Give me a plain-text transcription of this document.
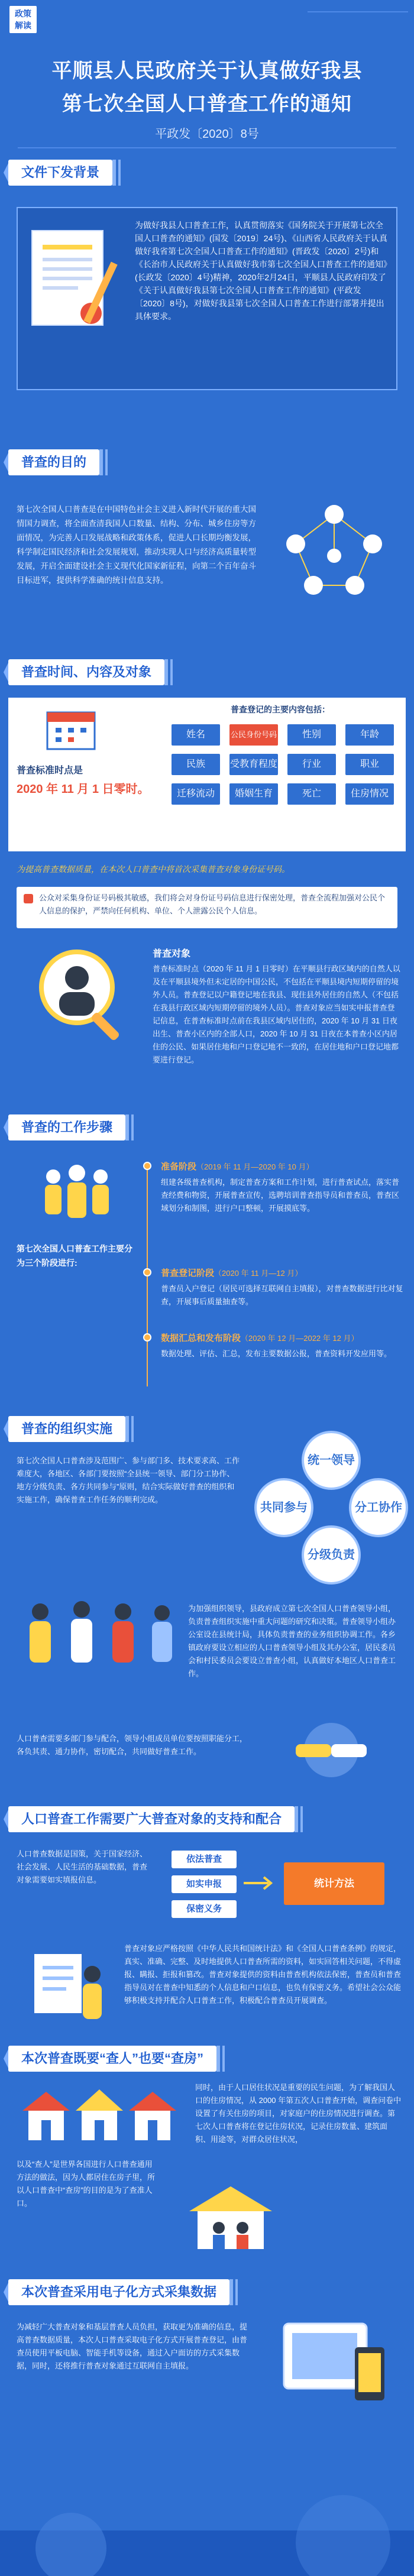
政策
解读
平顺县人民政府关于认真做好我县
第七次全国人口普查工作的通知
平政发〔2020〕8号
文件下发背景
为做好我县人口普查工作，认真贯彻落实《国务院关于开展第七次全国人口普查的通知》(国发〔2019〕24号)、《山西省人民政府关于认真做好我省第七次全国人口普查工作的通知》(晋政发〔2020〕2号)和《长治市人民政府关于认真做好我市第七次全国人口普查工作的通知》(长政发〔2020〕4号)精神，2020年2月24日，平顺县人民政府印发了《关于认真做好我县第七次全国人口普查工作的通知》(平政发〔2020〕8号)，对做好我县第七次全国人口普查工作进行部署并提出具体要求。
普查的目的
第七次全国人口普查是在中国特色社会主义进入新时代开展的重大国情国力调查，将全面查清我国人口数量、结构、分布、城乡住房等方面情况，为完善人口发展战略和政策体系，促进人口长期均衡发展，科学制定国民经济和社会发展规划，推动实现人口与经济高质量转型发展，开启全面建设社会主义现代化国家新征程，向第二个百年奋斗目标进军，提供科学准确的统计信息支持。
普查时间、内容及对象
普查标准时点是
2020 年 11 月 1 日零时。
普查登记的主要内容包括：
姓名	公民身份号码	性别	年龄
民族	受教育程度	行业	职业
迁移流动	婚姻生育	死亡	住房情况
为提高普查数据质量，在本次人口普查中将首次采集普查对象身份证号码。
公众对采集身份证号码极其敏感，我们将会对身份证号码信息进行保密处理，普查全流程加强对公民个人信息的保护，严禁向任何机构、单位、个人泄露公民个人信息。
普查对象
普查标准时点（2020 年 11 月 1 日零时）在平顺县行政区域内的自然人以及在平顺县境外但未定居的中国公民，不包括在平顺县境内短期停留的境外人员。普查登记以户籍登记地在我县、现住县外居住的自然人（不包括在我县行政区域内短期停留的境外人员）。普查对象应当如实申报普查登记信息，在普查标准时点前在我县区域内居住的，2020 年 10 月 31 日夜出生、普查小区内的全部人口，2020 年 10 月 31 日夜在本普查小区内居住的公民、如果居住地和户口登记地不一致的，在居住地和户口登记地都要进行登记。
普查的工作步骤
第七次全国人口普查工作主要分为三个阶段进行:
准备阶段（2019 年 11 月—2020 年 10 月）
组建各级普查机构，制定普查方案和工作计划，进行普查试点，落实普查经费和物资，开展普查宣传，选聘培训普查指导员和普查员，普查区域划分和制图，进行户口整顿，开展摸底等。
普查登记阶段（2020 年 11 月—12 月）
普查员入户登记（居民可选择互联网自主填报），对普查数据进行比对复查，开展事后质量抽查等。
数据汇总和发布阶段（2020 年 12 月—2022 年 12 月）
数据处理、评估、汇总，发布主要数据公报，普查资料开发应用等。
普查的组织实施
第七次全国人口普查涉及范围广、参与部门多、技术要求高、工作难度大，各地区、各部门要按照“全县统一领导、部门分工协作、地方分级负责、各方共同参与”原则，结合实际做好普查的组织和实施工作，确保普查工作任务的顺利完成。
统一领导
分工协作
分级负责
共同参与
为加强组织领导，县政府成立第七次全国人口普查领导小组，负责普查组织实施中重大问题的研究和决策。普查领导小组办公室设在县统计局，具体负责普查的业务组织协调工作。各乡镇政府要设立相应的人口普查领导小组及其办公室，居民委员会和村民委员会要设立普查小组，认真做好本地区人口普查工作。
人口普查需要多部门参与配合，领导小组成员单位要按照职能分工，各负其责、通力协作，密切配合，共同做好普查工作。
人口普查工作需要广大普查对象的支持和配合
人口普查数据是国策，关于国家经济、社会发展、人民生活的基础数据，普查对象需要如实填报信息。
依法普查
如实申报
保密义务
统计方法
普查对象应严格按照《中华人民共和国统计法》和《全国人口普查条例》的规定，真实、准确、完整、及时地提供人口普查所需的资料，如实回答相关问题，不得虚报、瞒报、拒报和篡改。普查对象提供的资料由普查机构依法保密，普查员和普查指导员对在普查中知悉的个人信息和户口信息，也负有保密义务。希望社会公众能够积极支持并配合人口普查工作，积极配合普查员开展调查。
本次普查既要“查人”也要“查房”
同时，由于人口居住状况是重要的民生问题，为了解我国人口的住房情况，从 2000 年第五次人口普查开始，调查问卷中设置了有关住房的项目，对家庭户的住房情况进行调查。第七次人口普查将在登记住房状况，记录住房数量、建筑面积、用途等，对群众居住状况，
以及“查人”是世界各国进行人口普查通用方法的做法，因为人都居住在房子里，所以人口普查中“查房”的目的是为了查准人口。
本次普查采用电子化方式采集数据
为减轻广大普查对象和基层普查人员负担，获取更为准确的信息，提高普查数据质量，本次人口普查采取电子化方式开展普查登记，由普查员使用平板电脑、智能手机等设备，通过入户面访的方式采集数据，同时，还将推行普查对象通过互联网自主填报。
